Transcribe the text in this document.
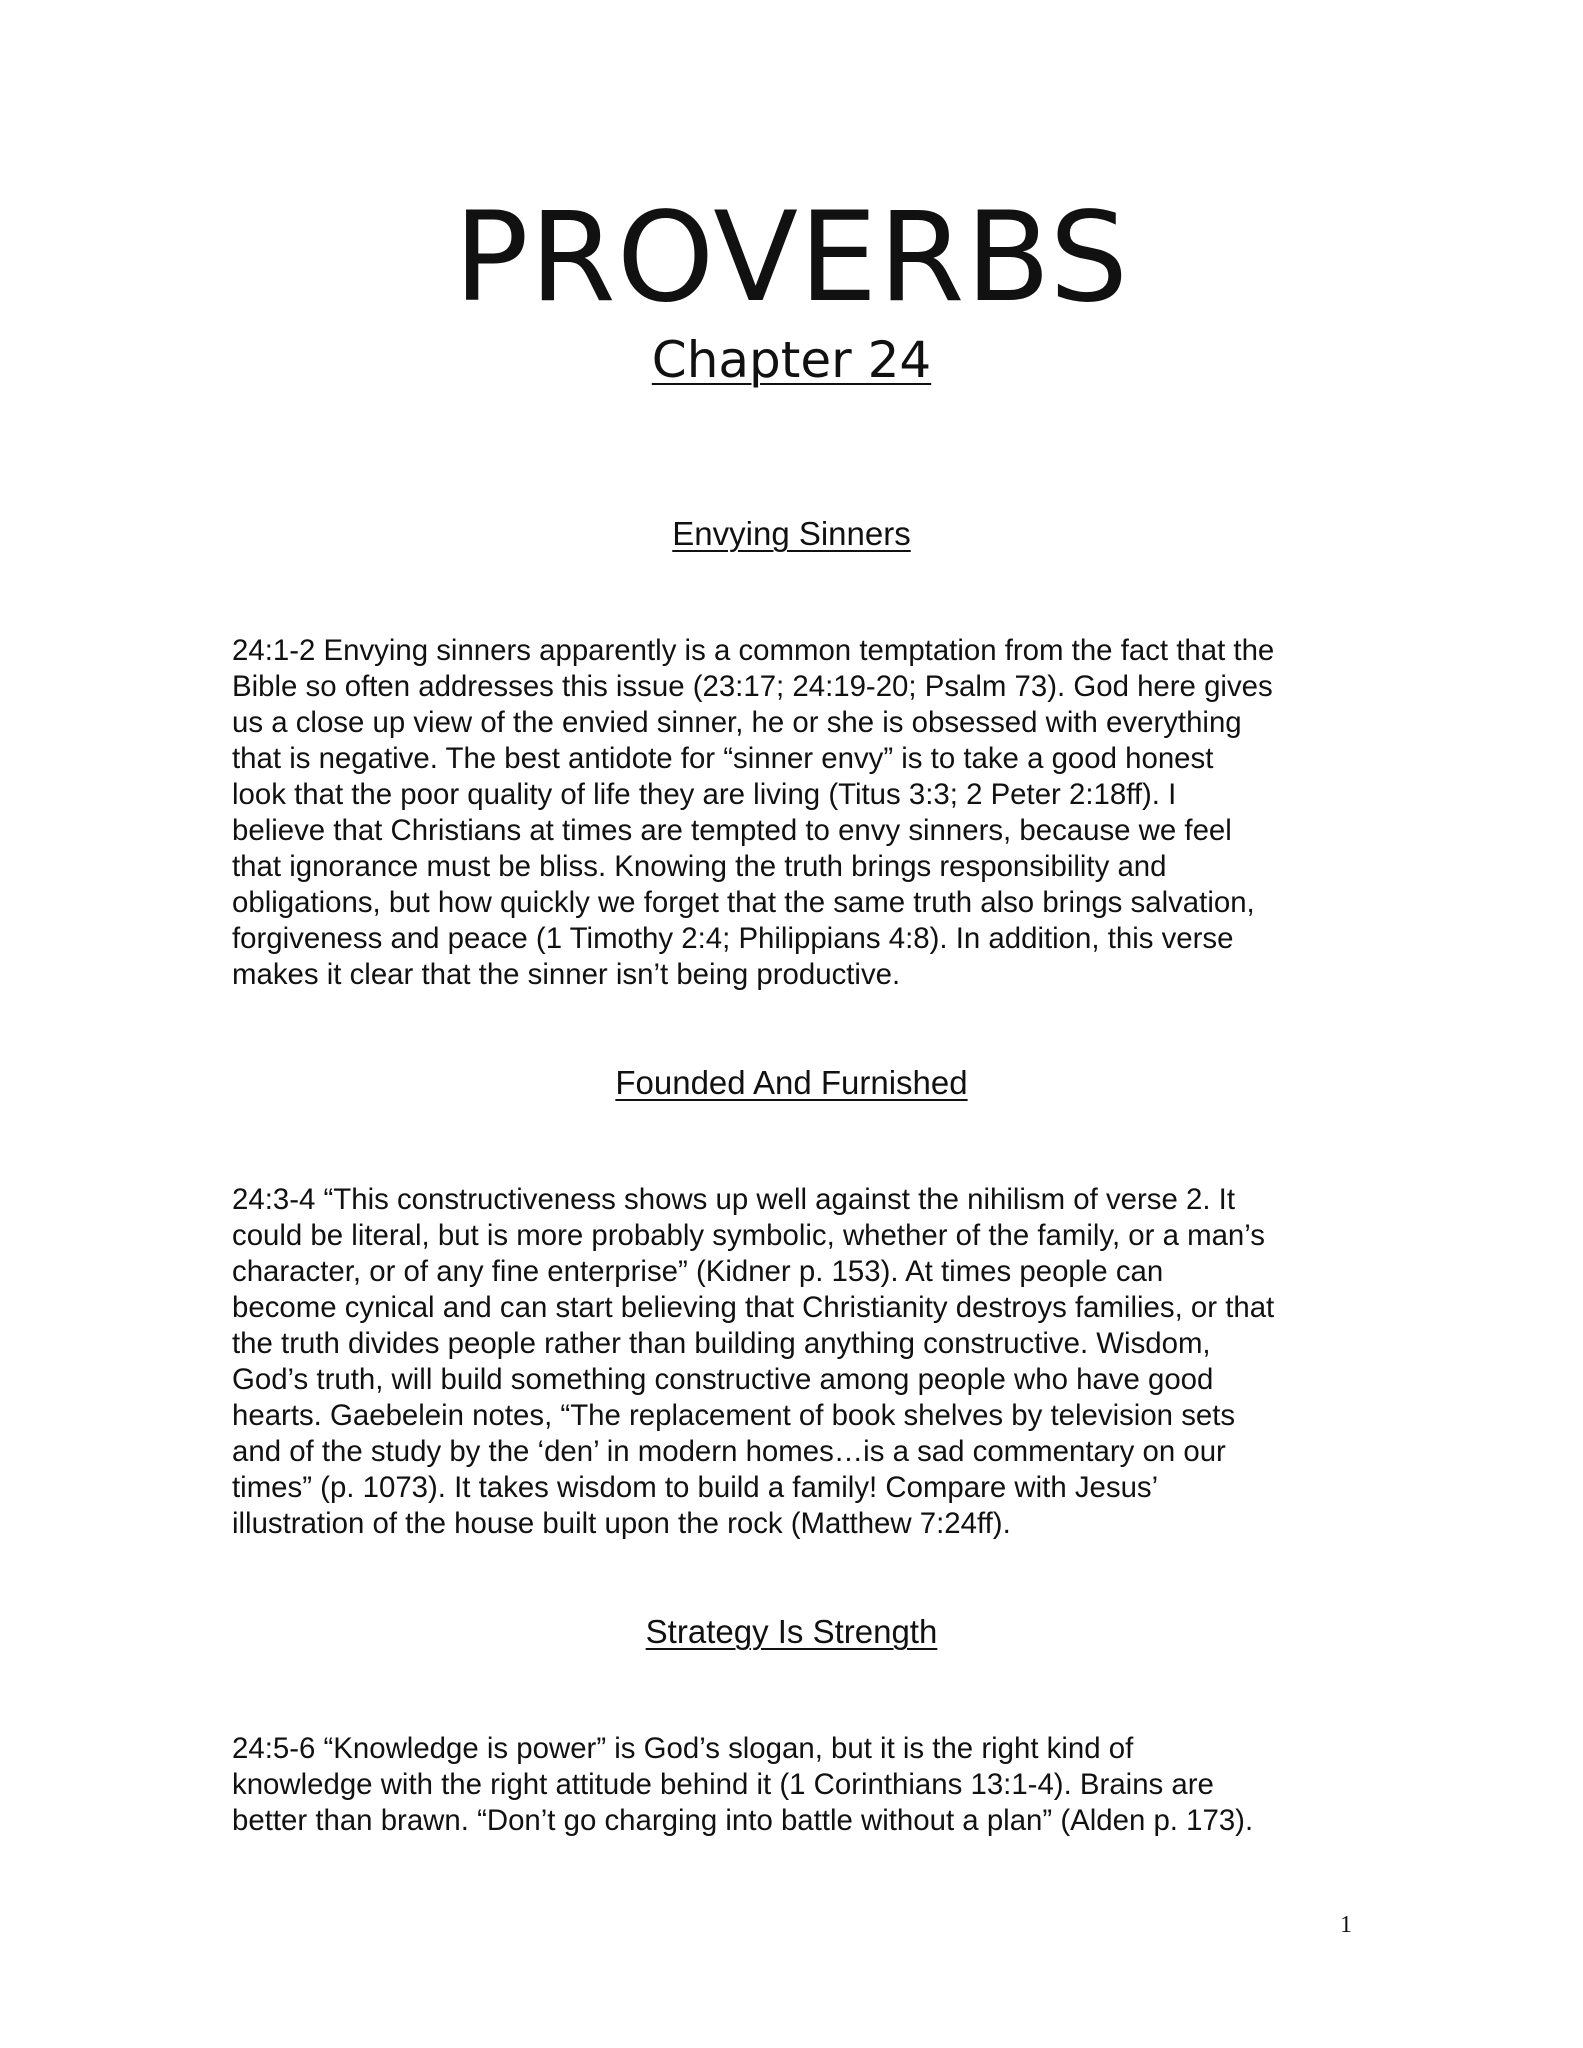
PROVERBS
Chapter 24
Envying Sinners

24:1-2 Envying sinners apparently is a common temptation from the fact that the
Bible so often addresses this issue (23:17; 24:19-20; Psalm 73). God here gives
us a close up view of the envied sinner, he or she is obsessed with everything
that is negative. The best antidote for “sinner envy” is to take a good honest
look that the poor quality of life they are living (Titus 3:3; 2 Peter 2:18ff). I
believe that Christians at times are tempted to envy sinners, because we feel
that ignorance must be bliss. Knowing the truth brings responsibility and
obligations, but how quickly we forget that the same truth also brings salvation,
forgiveness and peace (1 Timothy 2:4; Philippians 4:8). In addition, this verse
makes it clear that the sinner isn’t being productive.

Founded And Furnished

24:3-4 “This constructiveness shows up well against the nihilism of verse 2. It
could be literal, but is more probably symbolic, whether of the family, or a man’s
character, or of any fine enterprise” (Kidner p. 153). At times people can
become cynical and can start believing that Christianity destroys families, or that
the truth divides people rather than building anything constructive. Wisdom,
God’s truth, will build something constructive among people who have good
hearts. Gaebelein notes, “The replacement of book shelves by television sets
and of the study by the ‘den’ in modern homes…is a sad commentary on our
times” (p. 1073). It takes wisdom to build a family! Compare with Jesus’
illustration of the house built upon the rock (Matthew 7:24ff).

Strategy Is Strength

24:5-6 “Knowledge is power” is God’s slogan, but it is the right kind of
knowledge with the right attitude behind it (1 Corinthians 13:1-4). Brains are
better than brawn. “Don’t go charging into battle without a plan” (Alden p. 173).

1
